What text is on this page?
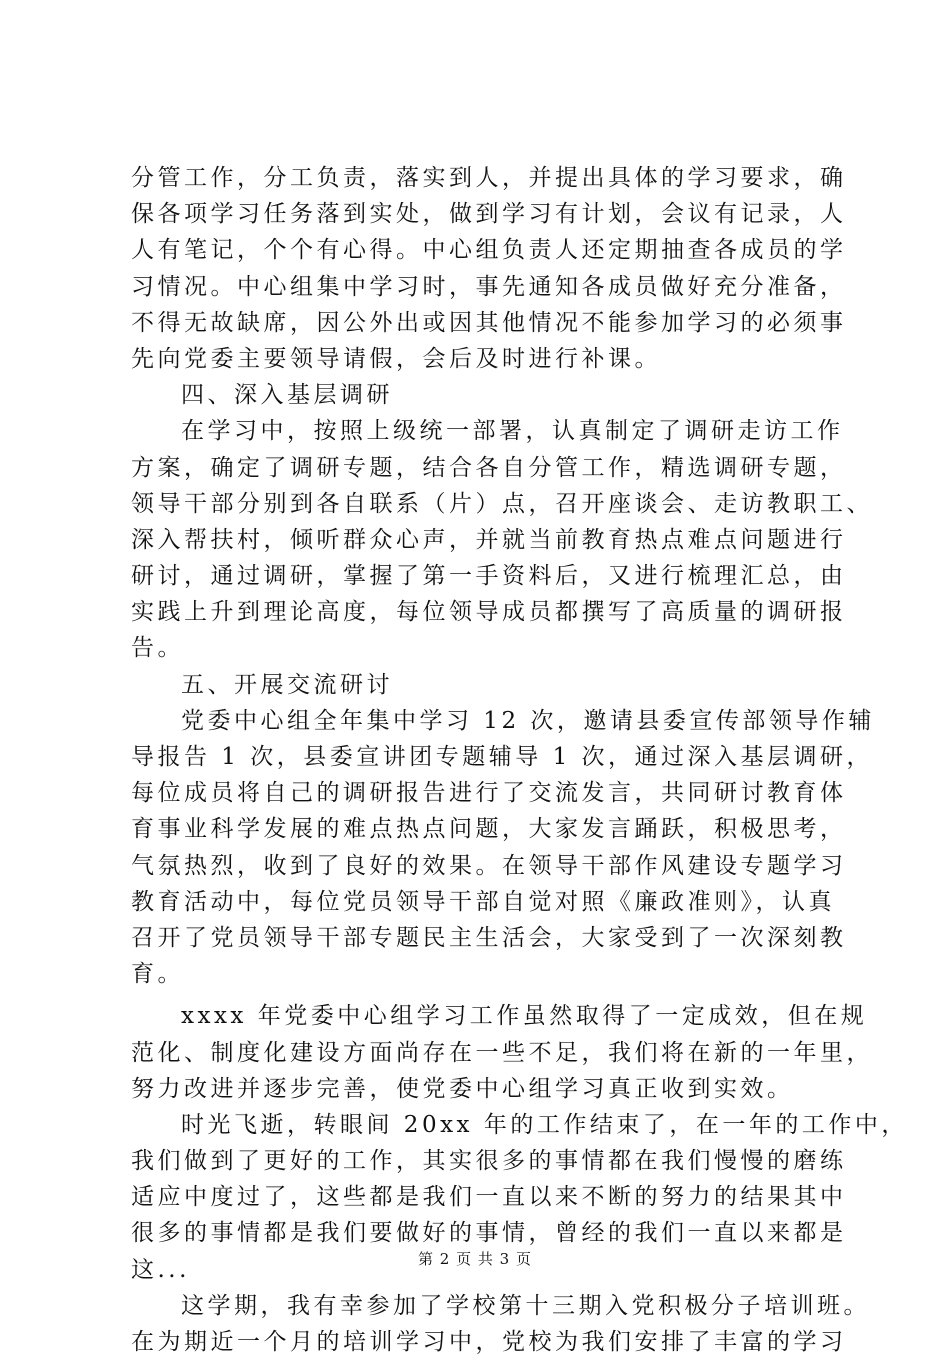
分管工作，分工负责，落实到人，并提出具体的学习要求，确
保各项学习任务落到实处，做到学习有计划，会议有记录，人
人有笔记，个个有心得。中心组负责人还定期抽查各成员的学
习情况。中心组集中学习时，事先通知各成员做好充分准备，
不得无故缺席，因公外出或因其他情况不能参加学习的必须事
先向党委主要领导请假，会后及时进行补课。
四、深入基层调研
在学习中，按照上级统一部署，认真制定了调研走访工作
方案，确定了调研专题，结合各自分管工作，精选调研专题，
领导干部分别到各自联系（片）点，召开座谈会、走访教职工、
深入帮扶村，倾听群众心声，并就当前教育热点难点问题进行
研讨，通过调研，掌握了第一手资料后，又进行梳理汇总，由
实践上升到理论高度，每位领导成员都撰写了高质量的调研报
告。
五、开展交流研讨
党委中心组全年集中学习 12 次，邀请县委宣传部领导作辅
导报告 1 次，县委宣讲团专题辅导 1 次，通过深入基层调研，
每位成员将自己的调研报告进行了交流发言，共同研讨教育体
育事业科学发展的难点热点问题，大家发言踊跃，积极思考，
气氛热烈，收到了良好的效果。在领导干部作风建设专题学习
教育活动中，每位党员领导干部自觉对照《廉政准则》，认真
召开了党员领导干部专题民主生活会，大家受到了一次深刻教
育。
xxxx 年党委中心组学习工作虽然取得了一定成效，但在规
范化、制度化建设方面尚存在一些不足，我们将在新的一年里，
努力改进并逐步完善，使党委中心组学习真正收到实效。
时光飞逝，转眼间 20xx 年的工作结束了，在一年的工作中，
我们做到了更好的工作，其实很多的事情都在我们慢慢的磨练
适应中度过了，这些都是我们一直以来不断的努力的结果其中
很多的事情都是我们要做好的事情，曾经的我们一直以来都是
这...
这学期，我有幸参加了学校第十三期入党积极分子培训班。
在为期近一个月的培训学习中，党校为我们安排了丰富的学习
第 2 页 共 3 页
